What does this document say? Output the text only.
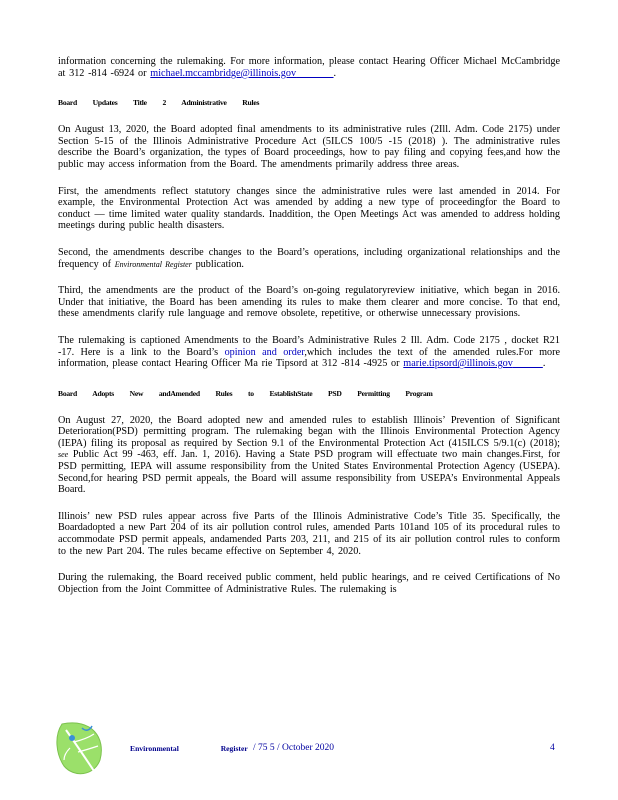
information concerning the rulemaking. For more information, please contact Hearing Officer Michael McCambridge at 312 -814 -6924 or michael.mccambridge@illinois.gov	.

Board Updates Title 2 Administrative Rules

On August 13, 2020, the Board adopted final amendments to its administrative rules (2Ill. Adm. Code 2175) under Section 5-15 of the Illinois Administrative Procedure Act (5ILCS 100/5 -15 (2018) ). The administrative rules describe the Board’s organization, the types of Board proceedings, how to pay filing and copying fees,and how the public may access information from the Board. The amendments primarily address three areas.

First, the amendments reflect statutory changes since the administrative rules were last amended in 2014. For example, the Environmental Protection Act was amended by adding a new type of proceedingfor the Board to conduct — time limited water quality standards. Inaddition, the Open Meetings Act was amended to address holding meetings during public health disasters.

Second, the amendments describe changes to the Board’s operations, including organizational relationships and the frequency of Environmental Register publication.

Third, the amendments are the product of the Board’s on-going regulatoryreview initiative, which began in 2016. Under that initiative, the Board has been amending its rules to make them clearer and more concise. To that end, these amendments clarify rule language and remove obsolete, repetitive, or otherwise unnecessary provisions.

The rulemaking is captioned Amendments to the Board’s Administrative Rules 2 Ill. Adm. Code 2175 , docket R21 -17. Here is a link to the Board’s opinion and order,which includes the text of the amended rules.For more information, please contact Hearing Officer Ma rie Tipsord at 312 -814 -4925 or marie.tipsord@illinois.gov	.

Board Adopts New andAmended Rules to EstablishState PSD Permitting Program

On August 27, 2020, the Board adopted new and amended rules to establish Illinois’ Prevention of Significant Deterioration(PSD) permitting program. The rulemaking began with the Illinois Environmental Protection Agency (IEPA) filing its proposal as required by Section 9.1 of the Environmental Protection Act (415ILCS 5/9.1(c) (2018); see Public Act 99 -463, eff. Jan. 1, 2016). Having a State PSD program will effectuate two main changes.First, for PSD permitting, IEPA will assume responsibility from the United States Environmental Protection Agency (USEPA). Second,for hearing PSD permit appeals, the Board will assume responsibility from USEPA’s Environmental Appeals Board.

Illinois’ new PSD rules appear across five Parts of the Illinois Administrative Code’s Title 35. Specifically, the Boardadopted a new Part 204 of its air pollution control rules, amended Parts 101and 105 of its procedural rules to accommodate PSD permit appeals, andamended Parts 203, 211, and 215 of its air pollution control rules to conform to the new Part 204. The rules became effective on September 4, 2020.

During the rulemaking, the Board received public comment, held public hearings, and re ceived Certifications of No Objection from the Joint Committee of Administrative Rules. The rulemaking is

Environmental Register / 75 5 / October 2020	4
